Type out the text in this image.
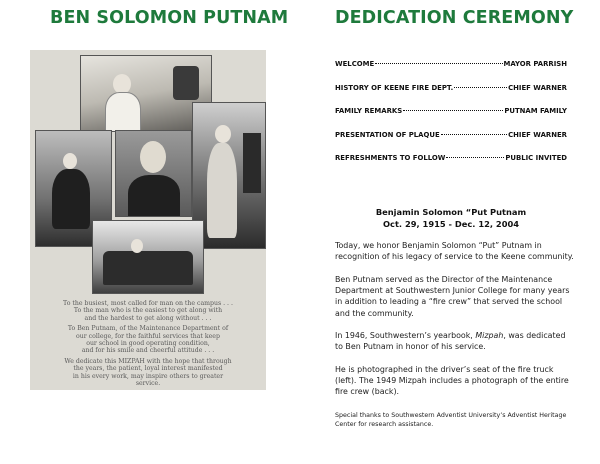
BEN SOLOMON PUTNAM

To the busiest, most called for man on the campus . . .
To the man who is the easiest to get along with
and the hardest to get along without . . .

To Ben Putnam, of the Maintenance Department of
our college, for the faithful services that keep
our school in good operating condition,
and for his smile and cheerful attitude . . .

We dedicate this MIZPAH with the hope that through
the years, the patient, loyal interest manifested
in his every work, may inspire others to greater
service.

DEDICATION CEREMONY
WELCOME	MAYOR PARRISH
HISTORY OF KEENE FIRE DEPT.	CHIEF WARNER
FAMILY REMARKS	PUTNAM FAMILY
PRESENTATION OF PLAQUE	CHIEF WARNER
REFRESHMENTS TO FOLLOW	PUBLIC INVITED

Benjamin Solomon “Put Putnam

Oct. 29, 1915 - Dec. 12, 2004

Today, we honor Benjamin Solomon “Put” Putnam in recognition of his legacy of service to the Keene community.

Ben Putnam served as the Director of the Maintenance Department at Southwestern Junior College for many years in addition to leading a “fire crew” that served the school and the community.

In 1946, Southwestern’s yearbook, Mizpah, was dedicated to Ben Putnam in honor of his service.

He is photographed in the driver’s seat of the fire truck (left). The 1949 Mizpah includes a photograph of the entire fire crew (back).

Special thanks to Southwestern Adventist University’s Adventist Heritage Center for research assistance.
